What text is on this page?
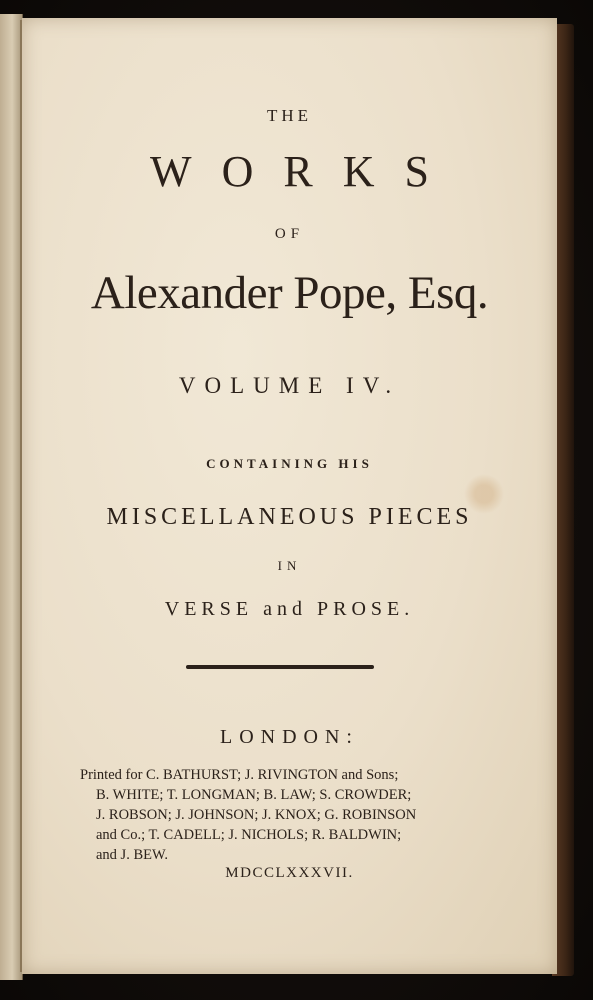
THE
WORKS
OF
Alexander Pope, Esq.
VOLUME IV.
CONTAINING HIS
MISCELLANEOUS PIECES
IN
VERSE and PROSE.
LONDON:
Printed for C. BATHURST; J. RIVINGTON and Sons;
B. WHITE; T. LONGMAN; B. LAW; S. CROWDER;
J. ROBSON; J. JOHNSON; J. KNOX; G. ROBINSON
and Co.; T. CADELL; J. NICHOLS; R. BALDWIN;
and J. BEW.
MDCCLXXXVII.
